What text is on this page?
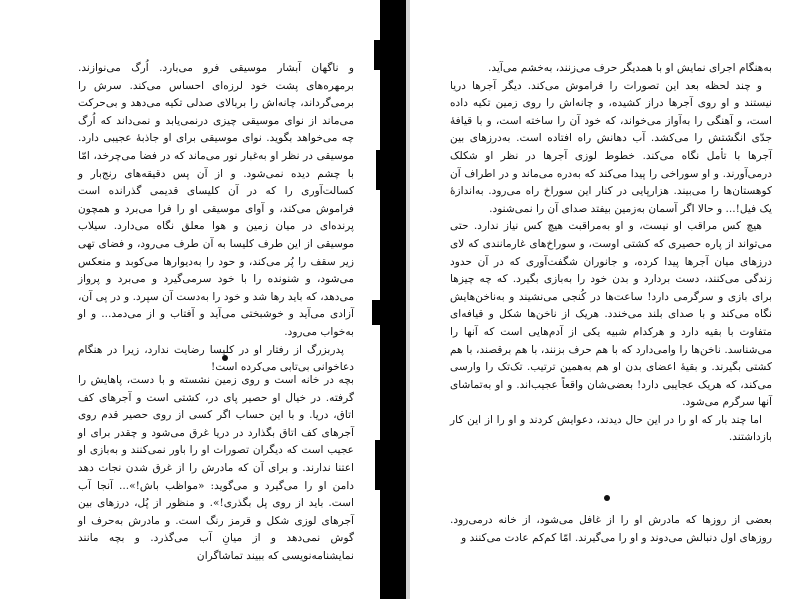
و ناگهان آبشار موسیقی فرو می‌بارد. اُرگ می‌نوازند. برمهره‌های پشت خود لرزه‌ای احساس می‌کند. سرش را برمی‌گرداند، چانه‌اش را بربالای صدلی تکیه می‌دهد و بی‌حرکت می‌ماند از نوای موسیقی چیزی درنمی‌یابد و نمی‌داند که اُرگ چه می‌خواهد بگوید. نوای موسیقی برای او جاذبهٔ عجیبی دارد. موسیقی در نظر او به‌غبار نور می‌ماند که در فضا می‌چرخد، امّا با چشم دیده نمی‌شود. و از آن پس دقیقه‌های رنج‌بار و کسالت‌آوری را که در آن کلیسای قدیمی گذرانده است فراموش می‌کند، و آوای موسیقی او را فرا می‌برد و همچون پرنده‌ای در میان زمین و هوا معلق نگاه می‌دارد. سیلاب موسیقی از این طرف کلیسا به آن طرف می‌رود، و فضای تهی زیر سقف را پُر می‌کند، و حود را به‌دیوارها می‌کوبد و منعکس می‌شود، و شنونده را با خود سرمی‌گیرد و می‌برد و پرواز می‌دهد، که باید رها شد و خود را به‌دست آن سپرد. و در پی آن، آزادی می‌آید و خوشبختی می‌آید و آفتاب و از می‌دمد... و او به‌خواب می‌رود.

پدربزرگ از رفتار او در کلیسا رضایت ندارد، زیرا در هنگام دعاخوانی بی‌تابی می‌کرده است!

بچه در خانه است و روی زمین نشسته و با دست، پاهایش را گرفته. در خیال او حصیر پای در، کشتی است و آجرهای کف اتاق، دریا. و با این حساب اگر کسی از روی حصیر قدم روی آجرهای کف اتاق بگذارد در دریا غرق می‌شود و چقدر برای او عجیب است که دیگران تصورات او را باور نمی‌کنند و به‌بازی او اعتنا ندارند. و برای آن که مادرش را از غرق شدن نجات دهد دامن او را می‌گیرد و می‌گوید: «مواظب باش!»... آنجا آب است. باید از روی پل بگذری!». و منظور از پُل، درزهای بین آجرهای لوزی شکل و قرمز رنگ است. و مادرش به‌حرف او گوش نمی‌دهد و از میانِ آب می‌گذرد. و بچه مانند نمایشنامه‌نویسی که ببیند تماشاگران

به‌هنگام اجرای نمایش او با همدیگر حرف می‌زنند، به‌خشم می‌آید.

و چند لحظه بعد این تصورات را فراموش می‌کند. دیگر آجرها دریا نیستند و او روی آجرها دراز کشیده، و چانه‌اش را روی زمین تکیه داده است، و آهنگی را به‌آواز می‌خواند، که خود آن را ساخته است، و با قیافهٔ جدّی انگشتش را می‌کشد. آب دهانش راه افتاده است. به‌درزهای بین آجرها با تأمل نگاه می‌کند. خطوط لوزی آجرها در نظر او شکلک درمی‌آورند. و او سوراخی را پیدا می‌کند که به‌دره می‌ماند و در اطراف آن کوهستان‌ها را می‌بیند. هزارپایی در کنار این سوراخ راه می‌رود. به‌اندازهٔ یک فیل!... و حالا اگر آسمان به‌زمین بیفتد صدای آن را نمی‌شنود.

هیچ کس مراقب او نیست، و او به‌مراقبت هیچ کس نیاز ندارد. حتی می‌تواند از پاره حصیری که کشتی اوست، و سوراخ‌های غارمانندی که لای درزهای میان آجرها پیدا کرده، و جانوران شگفت‌آوری که در آن حدود زندگی می‌کنند، دست بردارد و بدن خود را به‌بازی بگیرد. که چه چیزها برای بازی و سرگرمی دارد! ساعت‌ها در کُنجی می‌نشیند و به‌ناخن‌هایش نگاه می‌کند و با صدای بلند می‌خندد. هریک از ناخن‌ها شکل و قیافه‌ای متفاوت با بقیه دارد و هرکدام شبیه یکی از آدم‌هایی است که آنها را می‌شناسد. ناخن‌ها را وامی‌دارد که با هم حرف بزنند، با هم برقصند، با هم کشتی بگیرند. و بقیهٔ اعضای بدن او هم به‌همین ترتیب. تک‌تک را وارسی می‌کند، که هریک عجایبی دارد! بعضی‌شان واقعاً عجیب‌اند. و او به‌تماشای آنها سرگرم می‌شود.

اما چند بار که او را در این حال دیدند، دعوایش کردند و او را از این کار بازداشتند.

بعضی از روزها که مادرش او را از غافل می‌شود، از خانه درمی‌رود. روزهای اول دنبالش می‌دوند و او را می‌گیرند. امّا کم‌کم عادت می‌کنند و
